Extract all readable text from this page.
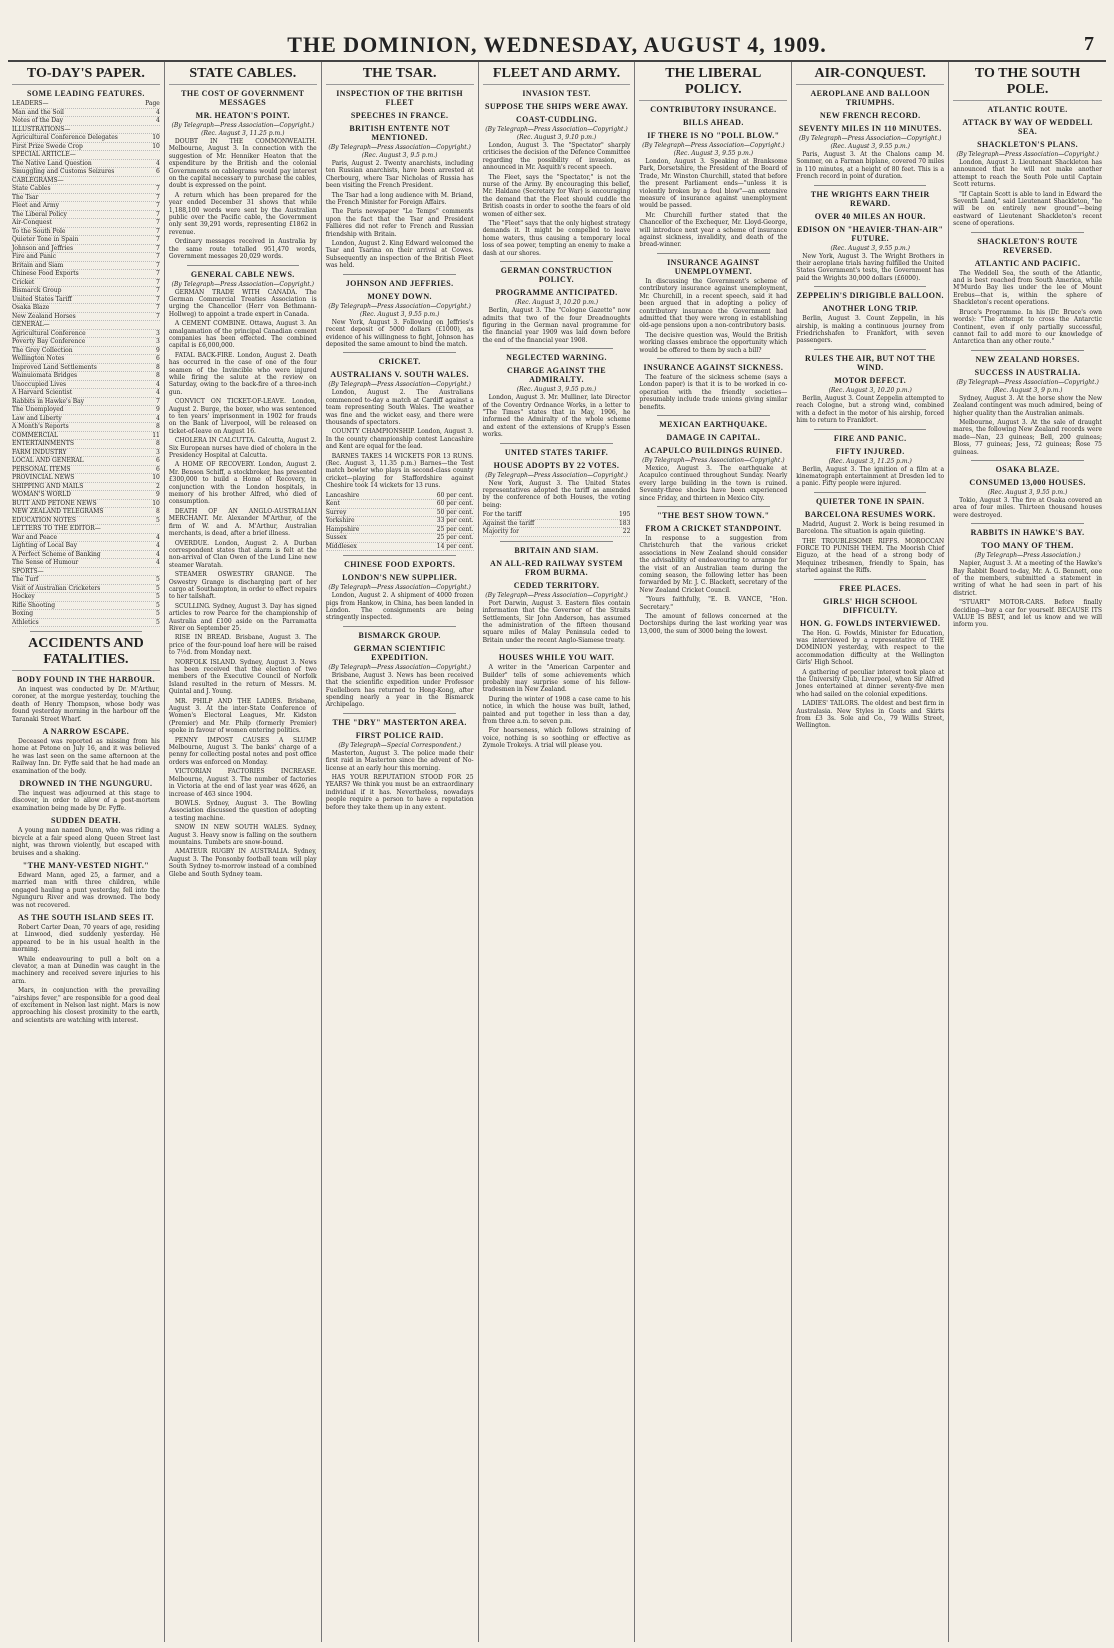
THE DOMINION, WEDNESDAY, AUGUST 4, 1909.	7
TO-DAY'S PAPER.
SOME LEADING FEATURES.
LEADERS—	Page
Man and the Soil	4
Notes of the Day	4
ILLUSTRATIONS—
Agricultural Conference Delegates	10
First Prize Swede Crop	10
SPECIAL ARTICLE—
The Native Land Question	4
Smuggling and Customs Seizures	6
CABLEGRAMS—
State Cables	7
The Tsar	7
Fleet and Army	7
The Liberal Policy	7
Air-Conquest	7
To the South Pole	7
Quieter Tone in Spain	7
Johnson and Jeffries	7
Fire and Panic	7
Britain and Siam	7
Chinese Food Exports	7
Cricket	7
Bismarck Group	7
United States Tariff	7
Osaka Blaze	7
New Zealand Horses	7
GENERAL—
Agricultural Conference	3
Poverty Bay Conference	3
The Grey Collection	9
Wellington Notes	6
Improved Land Settlements	8
Wainuiomata Bridges	8
Unoccupied Lives	4
A Harvard Scientist	4
Rabbits in Hawke's Bay	7
The Unemployed	9
Law and Liberty	4
A Month's Reports	8
COMMERCIAL	11
ENTERTAINMENTS	8
FARM INDUSTRY	3
LOCAL AND GENERAL	6
PERSONAL ITEMS	6
PROVINCIAL NEWS	10
SHIPPING AND MAILS	2
WOMAN'S WORLD	9
BUTT AND PETONE NEWS	10
NEW ZEALAND TELEGRAMS	8
EDUCATION NOTES	5
LETTERS TO THE EDITOR—
War and Peace	4
Lighting of Local Bay	4
A Perfect Scheme of Banking	4
The Sense of Humour	4
SPORTS—
The Turf	5
Visit of Australian Cricketers	5
Hockey	5
Rifle Shooting	5
Boxing	5
Athletics	5
ACCIDENTS AND FATALITIES.
BODY FOUND IN THE HARBOUR.

An inquest was conducted by Dr. M'Arthur, coroner, at the morgue yesterday, touching the death of Henry Thompson, whose body was found yesterday morning in the harbour off the Taranaki Street Wharf.

A NARROW ESCAPE.

Deceased was reported as missing from his home at Petone on July 16, and it was believed he was last seen on the same afternoon at the Railway Inn. Dr. Fyffe said that he had made an examination of the body.

DROWNED IN THE NGUNGURU.

The inquest was adjourned at this stage to discover, in order to allow of a post-mortem examination being made by Dr. Fyffe.

SUDDEN DEATH.

A young man named Dunn, who was riding a bicycle at a fair speed along Queen Street last night, was thrown violently, but escaped with bruises and a shaking.

"THE MANY-VESTED NIGHT."

Edward Mann, aged 25, a farmer, and a married man with three children, while engaged hauling a punt yesterday, fell into the Ngunguru River and was drowned. The body was not recovered.

AS THE SOUTH ISLAND SEES IT.

Robert Carter Dean, 70 years of age, residing at Linwood, died suddenly yesterday. He appeared to be in his usual health in the morning.

While endeavouring to pull a bolt on a clevator, a man at Dunedin was caught in the machinery and received severe injuries to his arm.

Mars, in conjunction with the prevailing "airships fever," are responsible for a good deal of excitement in Nelson last night. Mars is now approaching his closest proximity to the earth, and scientists are watching with interest.

STATE CABLES.
THE COST OF GOVERNMENT MESSAGES
MR. HEATON'S POINT.
(By Telegraph—Press Association—Copyright.)
(Rec. August 3, 11.25 p.m.)

DOUBT IN THE COMMONWEALTH. Melbourne, August 3. In connection with the suggestion of Mr. Henniker Heaton that the expenditure by the British and the colonial Governments on cablegrams would pay interest on the capital necessary to purchase the cables, doubt is expressed on the point.

A return which has been prepared for the year ended December 31 shows that while 1,188,100 words were sent by the Australian public over the Pacific cable, the Government only sent 39,291 words, representing £1862 in revenue.

Ordinary messages received in Australia by the same route totalled 951,470 words, Government messages 20,029 words.

GENERAL CABLE NEWS.
(By Telegraph—Press Association—Copyright.)

GERMAN TRADE WITH CANADA. The German Commercial Treaties Association is urging the Chancellor (Herr von Bethmann-Hollweg) to appoint a trade expert in Canada.

A CEMENT COMBINE. Ottawa, August 3. An amalgamation of the principal Canadian cement companies has been effected. The combined capital is £6,000,000.

FATAL BACK-FIRE. London, August 2. Death has occurred in the case of one of the four seamen of the Invincible who were injured while firing the salute at the review on Saturday, owing to the back-fire of a three-inch gun.

CONVICT ON TICKET-OF-LEAVE. London, August 2. Burge, the boxer, who was sentenced to ten years' imprisonment in 1902 for frauds on the Bank of Liverpool, will be released on ticket-of-leave on August 16.

CHOLERA IN CALCUTTA. Calcutta, August 2. Six European nurses have died of cholera in the Presidency Hospital at Calcutta.

A HOME OF RECOVERY. London, August 2. Mr. Benson Schiff, a stockbroker, has presented £300,000 to build a Home of Recovery, in conjunction with the London hospitals, in memory of his brother Alfred, who died of consumption.

DEATH OF AN ANGLO-AUSTRALIAN MERCHANT. Mr. Alexander M'Arthur, of the firm of W. and A. M'Arthur, Australian merchants, is dead, after a brief illness.

OVERDUE. London, August 2. A Durban correspondent states that alarm is felt at the non-arrival of Clan Owen of the Lund Line new steamer Waratah.

STEAMER OSWESTRY GRANGE. The Oswestry Grange is discharging part of her cargo at Southampton, in order to effect repairs to her tailshaft.

SCULLING. Sydney, August 3. Day has signed articles to row Pearce for the championship of Australia and £100 aside on the Parramatta River on September 25.

RISE IN BREAD. Brisbane, August 3. The price of the four-pound loaf here will be raised to 7½d. from Monday next.

NORFOLK ISLAND. Sydney, August 3. News has been received that the election of two members of the Executive Council of Norfolk Island resulted in the return of Messrs. M. Quintal and J. Young.

MR. PHILP AND THE LADIES. Brisbane, August 3. At the inter-State Conference of Women's Electoral Leagues, Mr. Kidston (Premier) and Mr. Philp (formerly Premier) spoke in favour of women entering politics.

PENNY IMPOST CAUSES A SLUMP. Melbourne, August 3. The banks' charge of a penny for collecting postal notes and post office orders was enforced on Monday.

VICTORIAN FACTORIES INCREASE. Melbourne, August 3. The number of factories in Victoria at the end of last year was 4626, an increase of 463 since 1904.

BOWLS. Sydney, August 3. The Bowling Association discussed the question of adopting a testing machine.

SNOW IN NEW SOUTH WALES. Sydney, August 3. Heavy snow is falling on the southern mountains. Tumbets are snow-bound.

AMATEUR RUGBY IN AUSTRALIA. Sydney, August 3. The Ponsonby football team will play South Sydney to-morrow instead of a combined Glebe and South Sydney team.

THE TSAR.
INSPECTION OF THE BRITISH FLEET
SPEECHES IN FRANCE.
BRITISH ENTENTE NOT MENTIONED.
(By Telegraph—Press Association—Copyright.)
(Rec. August 3, 9.5 p.m.)

Paris, August 2. Twenty anarchists, including ten Russian anarchists, have been arrested at Cherbourg, where Tsar Nicholas of Russia has been visiting the French President.

The Tsar had a long audience with M. Briand, the French Minister for Foreign Affairs.

The Paris newspaper "Le Temps" comments upon the fact that the Tsar and President Fallières did not refer to French and Russian friendship with Britain.

London, August 2. King Edward welcomed the Tsar and Tsarina on their arrival at Cowes. Subsequently an inspection of the British Fleet was held.

JOHNSON AND JEFFRIES.
MONEY DOWN.
(By Telegraph—Press Association—Copyright.)
(Rec. August 3, 9.55 p.m.)

New York, August 3. Following on Jeffries's recent deposit of 5000 dollars (£1000), as evidence of his willingness to fight, Johnson has deposited the same amount to bind the match.

CRICKET.
AUSTRALIANS V. SOUTH WALES.
(By Telegraph—Press Association—Copyright.)

London, August 2. The Australians commenced to-day a match at Cardiff against a team representing South Wales. The weather was fine and the wicket easy, and there were thousands of spectators.

COUNTY CHAMPIONSHIP. London, August 3. In the county championship contest Lancashire and Kent are equal for the lead.

BARNES TAKES 14 WICKETS FOR 13 RUNS. (Rec. August 3, 11.35 p.m.) Barnes—the Test match bowler who plays in second-class county cricket—playing for Staffordshire against Cheshire took 14 wickets for 13 runs.

Lancashire	60 per cent.
Kent	60 per cent.
Surrey	50 per cent.
Yorkshire	33 per cent.
Hampshire	25 per cent.
Sussex	25 per cent.
Middlesex	14 per cent.
CHINESE FOOD EXPORTS.
LONDON'S NEW SUPPLIER.
(By Telegraph—Press Association—Copyright.)

London, August 2. A shipment of 4000 frozen pigs from Hankow, in China, has been landed in London. The consignments are being stringently inspected.

BISMARCK GROUP.
GERMAN SCIENTIFIC EXPEDITION.
(By Telegraph—Press Association—Copyright.)

Brisbane, August 3. News has been received that the scientific expedition under Professor Fuellelborn has returned to Hong-Kong, after spending nearly a year in the Bismarck Archipelago.

THE "DRY" MASTERTON AREA.
FIRST POLICE RAID.
(By Telegraph—Special Correspondent.)

Masterton, August 3. The police made their first raid in Masterton since the advent of No-license at an early hour this morning.

HAS YOUR REPUTATION STOOD FOR 25 YEARS? We think you must be an extraordinary individual if it has. Nevertheless, nowadays people require a person to have a reputation before they take them up in any extent.

FLEET AND ARMY.
INVASION TEST.
SUPPOSE THE SHIPS WERE AWAY.
COAST-CUDDLING.
(By Telegraph—Press Association—Copyright.)
(Rec. August 3, 9.10 p.m.)

London, August 3. The "Spectator" sharply criticises the decision of the Defence Committee regarding the possibility of invasion, as announced in Mr. Asquith's recent speech.

The Fleet, says the "Spectator," is not the nurse of the Army. By encouraging this belief, Mr. Haldane (Secretary for War) is encouraging the demand that the Fleet should cuddle the British coasts in order to soothe the fears of old women of either sex.

The "Fleet" says that the only highest strategy demands it. It might be compelled to leave home waters, thus causing a temporary local loss of sea power, tempting an enemy to make a dash at our shores.

GERMAN CONSTRUCTION POLICY.
PROGRAMME ANTICIPATED.
(Rec. August 3, 10.20 p.m.)

Berlin, August 3. The "Cologne Gazette" now admits that two of the four Dreadnoughts figuring in the German naval programme for the financial year 1909 was laid down before the end of the financial year 1908.

NEGLECTED WARNING.
CHARGE AGAINST THE ADMIRALTY.
(Rec. August 3, 9.55 p.m.)

London, August 3. Mr. Mulliner, late Director of the Coventry Ordnance Works, in a letter to "The Times" states that in May, 1906, he informed the Admiralty of the whole scheme and extent of the extensions of Krupp's Essen works.

UNITED STATES TARIFF.
HOUSE ADOPTS BY 22 VOTES.
(By Telegraph—Press Association—Copyright.)

New York, August 3. The United States representatives adopted the tariff as amended by the conference of both Houses, the voting being:

For the tariff	195
Against the tariff	183
Majority for	22
BRITAIN AND SIAM.
AN ALL-RED RAILWAY SYSTEM FROM BURMA.
CEDED TERRITORY.
(By Telegraph—Press Association—Copyright.)

Port Darwin, August 3. Eastern files contain information that the Governor of the Straits Settlements, Sir John Anderson, has assumed the administration of the fifteen thousand square miles of Malay Peninsula ceded to Britain under the recent Anglo-Siamese treaty.

HOUSES WHILE YOU WAIT.

A writer in the "American Carpenter and Builder" tells of some achievements which probably may surprise some of his fellow-tradesmen in New Zealand.

During the winter of 1908 a case came to his notice, in which the house was built, lathed, painted and put together in less than a day, from three a.m. to seven p.m.

For hoarseness, which follows straining of voice, nothing is so soothing or effective as Zymole Trokeys. A trial will please you.

THE LIBERAL POLICY.
CONTRIBUTORY INSURANCE.
BILLS AHEAD.
IF THERE IS NO "POLL BLOW."
(By Telegraph—Press Association—Copyright.)
(Rec. August 3, 9.55 p.m.)

London, August 3. Speaking at Branksome Park, Dorsetshire, the President of the Board of Trade, Mr. Winston Churchill, stated that before the present Parliament ends—"unless it is violently broken by a foul blow"—an extensive measure of insurance against unemployment would be passed.

Mr. Churchill further stated that the Chancellor of the Exchequer, Mr. Lloyd-George, will introduce next year a scheme of insurance against sickness, invalidity, and death of the bread-winner.

INSURANCE AGAINST UNEMPLOYMENT.

In discussing the Government's scheme of contributory insurance against unemployment, Mr. Churchill, in a recent speech, said it had been argued that in adopting a policy of contributory insurance the Government had admitted that they were wrong in establishing old-age pensions upon a non-contributory basis.

The decisive question was, Would the British working classes embrace the opportunity which would be offered to them by such a bill?

INSURANCE AGAINST SICKNESS.

The feature of the sickness scheme (says a London paper) is that it is to be worked in co-operation with the friendly societies—presumably include trade unions giving similar benefits.

MEXICAN EARTHQUAKE.
DAMAGE IN CAPITAL.
ACAPULCO BUILDINGS RUINED.
(By Telegraph—Press Association—Copyright.)

Mexico, August 3. The earthquake at Acapulco continued throughout Sunday. Nearly every large building in the town is ruined. Seventy-three shocks have been experienced since Friday, and thirteen in Mexico City.

"THE BEST SHOW TOWN."
FROM A CRICKET STANDPOINT.

In response to a suggestion from Christchurch that the various cricket associations in New Zealand should consider the advisability of endeavouring to arrange for the visit of an Australian team during the coming season, the following letter has been forwarded by Mr. J. C. Blackett, secretary of the New Zealand Cricket Council.

"Yours faithfully, "E. B. VANCE, "Hon. Secretary."

The amount of fellows concerned at the Doctorships during the last working year was 13,000, the sum of 3000 being the lowest.

AIR-CONQUEST.
AEROPLANE AND BALLOON TRIUMPHS.
NEW FRENCH RECORD.
SEVENTY MILES IN 110 MINUTES.
(By Telegraph—Press Association—Copyright.)
(Rec. August 3, 9.55 p.m.)

Paris, August 3. At the Chalons camp M. Sommer, on a Farman biplane, covered 70 miles in 110 minutes, at a height of 80 feet. This is a French record in point of duration.

THE WRIGHTS EARN THEIR REWARD.
OVER 40 MILES AN HOUR.
EDISON ON "HEAVIER-THAN-AIR" FUTURE.
(Rec. August 3, 9.55 p.m.)

New York, August 3. The Wright Brothers in their aeroplane trials having fulfilled the United States Government's tests, the Government has paid the Wrights 30,000 dollars (£6000).

ZEPPELIN'S DIRIGIBLE BALLOON.
ANOTHER LONG TRIP.

Berlin, August 3. Count Zeppelin, in his airship, is making a continuous journey from Friedrichshafen to Frankfort, with seven passengers.

RULES THE AIR, BUT NOT THE WIND.
MOTOR DEFECT.
(Rec. August 3, 10.20 p.m.)

Berlin, August 3. Count Zeppelin attempted to reach Cologne, but a strong wind, combined with a defect in the motor of his airship, forced him to return to Frankfort.

FIRE AND PANIC.
FIFTY INJURED.
(Rec. August 3, 11.25 p.m.)

Berlin, August 3. The ignition of a film at a kinematograph entertainment at Dresden led to a panic. Fifty people were injured.

QUIETER TONE IN SPAIN.
BARCELONA RESUMES WORK.

Madrid, August 2. Work is being resumed in Barcelona. The situation is again quieting.

THE TROUBLESOME RIFFS. MOROCCAN FORCE TO PUNISH THEM. The Moorish Chief Eiguzo, at the head of a strong body of Mequinez tribesmen, friendly to Spain, has started against the Riffs.

FREE PLACES.
GIRLS' HIGH SCHOOL DIFFICULTY.
HON. G. FOWLDS INTERVIEWED.

The Hon. G. Fowlds, Minister for Education, was interviewed by a representative of THE DOMINION yesterday, with respect to the accommodation difficulty at the Wellington Girls' High School.

A gathering of peculiar interest took place at the University Club, Liverpool, when Sir Alfred Jones entertained at dinner seventy-five men who had sailed on the colonial expeditions.

LADIES' TAILORS. The oldest and best firm in Australasia. New Styles in Coats and Skirts from £3 3s. Sole and Co., 79 Willis Street, Wellington.

TO THE SOUTH POLE.
ATLANTIC ROUTE.
ATTACK BY WAY OF WEDDELL SEA.
SHACKLETON'S PLANS.
(By Telegraph—Press Association—Copyright.)

London, August 3. Lieutenant Shackleton has announced that he will not make another attempt to reach the South Pole until Captain Scott returns.

"If Captain Scott is able to land in Edward the Seventh Land," said Lieutenant Shackleton, "he will be on entirely new ground"—being eastward of Lieutenant Shackleton's recent scene of operations.

SHACKLETON'S ROUTE REVERSED.
ATLANTIC AND PACIFIC.

The Weddell Sea, the south of the Atlantic, and is best reached from South America, while M'Murdo Bay lies under the lee of Mount Erebus—that is, within the sphere of Shackleton's recent operations.

Bruce's Programme. In his (Dr. Bruce's own words): "The attempt to cross the Antarctic Continent, even if only partially successful, cannot fail to add more to our knowledge of Antarctica than any other route."

NEW ZEALAND HORSES.
SUCCESS IN AUSTRALIA.
(By Telegraph—Press Association—Copyright.)
(Rec. August 3, 9 p.m.)

Sydney, August 3. At the horse show the New Zealand contingent was much admired, being of higher quality than the Australian animals.

Melbourne, August 3. At the sale of draught mares, the following New Zealand records were made—Nan, 23 guineas; Bell, 200 guineas; Bloss, 77 guineas; Jess, 72 guineas; Rose 75 guineas.

OSAKA BLAZE.
CONSUMED 13,000 HOUSES.
(Rec. August 3, 9.55 p.m.)

Tokio, August 3. The fire at Osaka covered an area of four miles. Thirteen thousand houses were destroyed.

RABBITS IN HAWKE'S BAY.
TOO MANY OF THEM.
(By Telegraph—Press Association.)

Napier, August 3. At a meeting of the Hawke's Bay Rabbit Board to-day, Mr. A. G. Bennett, one of the members, submitted a statement in writing of what he had seen in part of his district.

"STUART" MOTOR-CARS. Before finally deciding—buy a car for yourself. BECAUSE ITS VALUE IS BEST, and let us know and we will inform you.
